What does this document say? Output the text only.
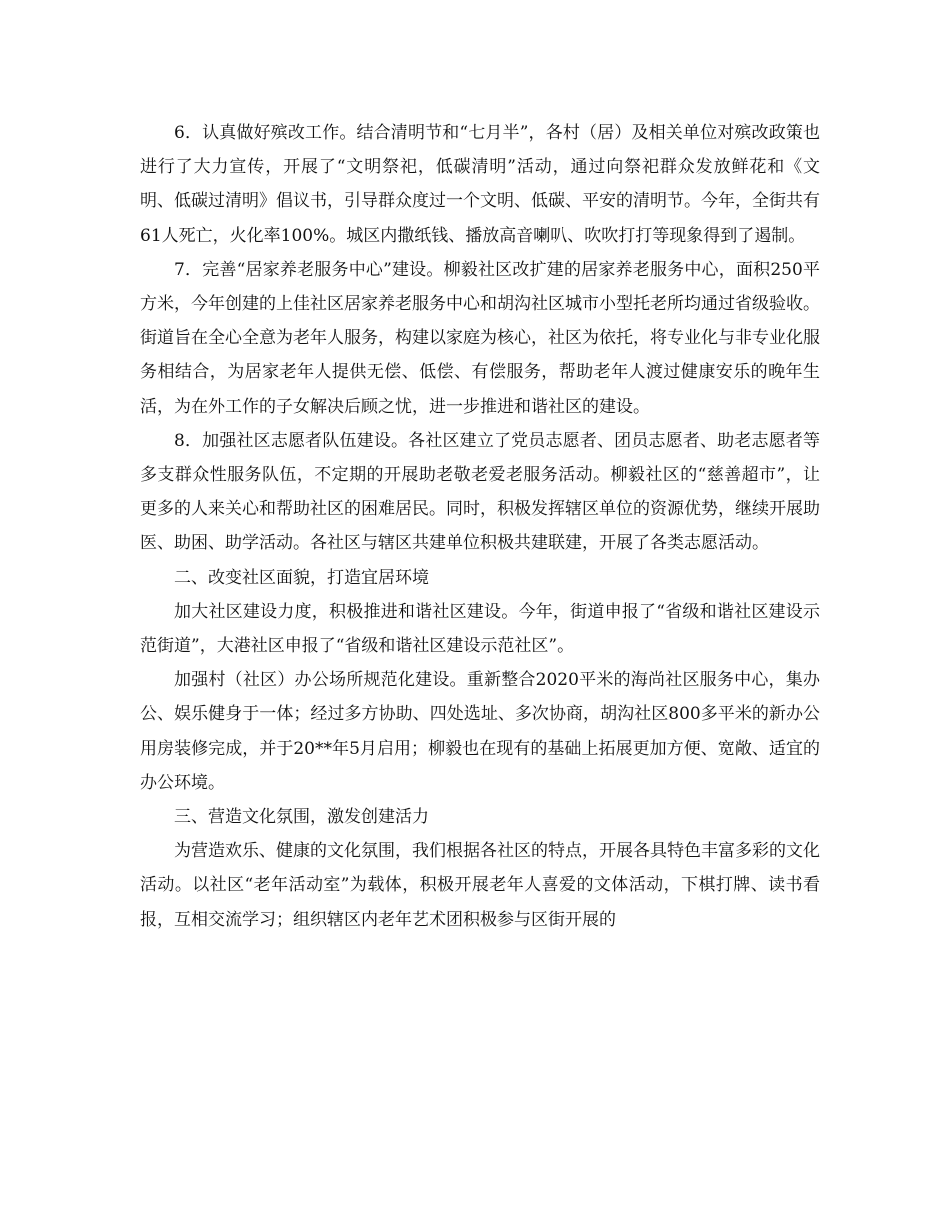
6．认真做好殡改工作。结合清明节和“七月半”，各村（居）及相关单位对殡改政策也进行了大力宣传，开展了“文明祭祀，低碳清明”活动，通过向祭祀群众发放鲜花和《文明、低碳过清明》倡议书，引导群众度过一个文明、低碳、平安的清明节。今年，全街共有61人死亡，火化率100%。城区内撒纸钱、播放高音喇叭、吹吹打打等现象得到了遏制。

7．完善“居家养老服务中心”建设。柳毅社区改扩建的居家养老服务中心，面积250平方米，今年创建的上佳社区居家养老服务中心和胡沟社区城市小型托老所均通过省级验收。街道旨在全心全意为老年人服务，构建以家庭为核心，社区为依托，将专业化与非专业化服务相结合，为居家老年人提供无偿、低偿、有偿服务，帮助老年人渡过健康安乐的晚年生活，为在外工作的子女解决后顾之忧，进一步推进和谐社区的建设。

8．加强社区志愿者队伍建设。各社区建立了党员志愿者、团员志愿者、助老志愿者等多支群众性服务队伍，不定期的开展助老敬老爱老服务活动。柳毅社区的“慈善超市”，让更多的人来关心和帮助社区的困难居民。同时，积极发挥辖区单位的资源优势，继续开展助医、助困、助学活动。各社区与辖区共建单位积极共建联建，开展了各类志愿活动。

二、改变社区面貌，打造宜居环境

加大社区建设力度，积极推进和谐社区建设。今年，街道申报了“省级和谐社区建设示范街道”，大港社区申报了“省级和谐社区建设示范社区”。

加强村（社区）办公场所规范化建设。重新整合2020平米的海尚社区服务中心，集办公、娱乐健身于一体；经过多方协助、四处选址、多次协商，胡沟社区800多平米的新办公用房装修完成，并于20**年5月启用；柳毅也在现有的基础上拓展更加方便、宽敞、适宜的办公环境。

三、营造文化氛围，激发创建活力

为营造欢乐、健康的文化氛围，我们根据各社区的特点，开展各具特色丰富多彩的文化活动。以社区“老年活动室”为载体，积极开展老年人喜爱的文体活动，下棋打牌、读书看报，互相交流学习；组织辖区内老年艺术团积极参与区街开展的
